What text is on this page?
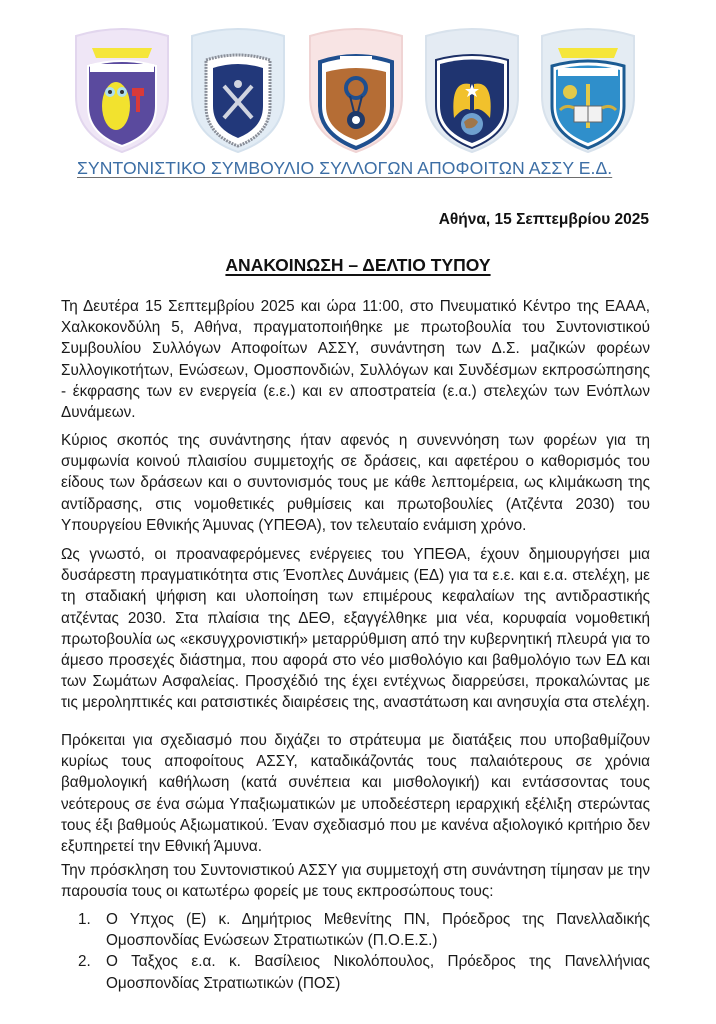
ΣΥΝΤΟΝΙΣΤΙΚΟ ΣΥΜΒΟΥΛΙΟ ΣΥΛΛΟΓΩΝ ΑΠΟΦΟΙΤΩΝ ΑΣΣΥ Ε.Δ.
Αθήνα, 15 Σεπτεμβρίου 2025
ΑΝΑΚΟΙΝΩΣΗ – ΔΕΛΤΙΟ ΤΥΠΟΥ

Τη Δευτέρα 15 Σεπτεμβρίου 2025 και ώρα 11:00, στο Πνευματικό Κέντρο της ΕΑΑΑ, Χαλκοκονδύλη 5, Αθήνα, πραγματοποιήθηκε με πρωτοβουλία του Συντονιστικού Συμβουλίου Συλλόγων Αποφοίτων ΑΣΣΥ, συνάντηση των Δ.Σ. μαζικών φορέων Συλλογικοτήτων, Ενώσεων, Ομοσπονδιών, Συλλόγων και Συνδέσμων εκπροσώπησης - έκφρασης των εν ενεργεία (ε.ε.) και εν αποστρατεία (ε.α.) στελεχών των Ενόπλων Δυνάμεων.

Κύριος σκοπός της συνάντησης ήταν αφενός η συνεννόηση των φορέων για τη συμφωνία κοινού πλαισίου συμμετοχής σε δράσεις, και αφετέρου ο καθορισμός του είδους των δράσεων και ο συντονισμός τους με κάθε λεπτομέρεια, ως κλιμάκωση της αντίδρασης, στις νομοθετικές ρυθμίσεις και πρωτοβουλίες (Ατζέντα 2030) του Υπουργείου Εθνικής Άμυνας (ΥΠΕΘΑ), τον τελευταίο ενάμιση χρόνο.

Ως γνωστό, οι προαναφερόμενες ενέργειες του ΥΠΕΘΑ, έχουν δημιουργήσει μια δυσάρεστη πραγματικότητα στις Ένοπλες Δυνάμεις (ΕΔ) για τα ε.ε. και ε.α. στελέχη, με τη σταδιακή ψήφιση και υλοποίηση των επιμέρους κεφαλαίων της αντιδραστικής ατζέντας 2030. Στα πλαίσια της ΔΕΘ, εξαγγέλθηκε μια νέα, κορυφαία νομοθετική πρωτοβουλία ως «εκσυγχρονιστική» μεταρρύθμιση από την κυβερνητική πλευρά για το άμεσο προσεχές διάστημα, που αφορά στο νέο μισθολόγιο και βαθμολόγιο των ΕΔ και των Σωμάτων Ασφαλείας. Προσχέδιό της έχει εντέχνως διαρρεύσει, προκαλώντας με τις μεροληπτικές και ρατσιστικές διαιρέσεις της, αναστάτωση και ανησυχία στα στελέχη.

Πρόκειται για σχεδιασμό που διχάζει το στράτευμα με διατάξεις που υποβαθμίζουν κυρίως τους αποφοίτους ΑΣΣΥ, καταδικάζοντάς τους παλαιότερους σε χρόνια βαθμολογική καθήλωση (κατά συνέπεια και μισθολογική) και εντάσσοντας τους νεότερους σε ένα σώμα Υπαξιωματικών με υποδεέστερη ιεραρχική εξέλιξη στερώντας τους έξι βαθμούς Αξιωματικού. Έναν σχεδιασμό που με κανένα αξιολογικό κριτήριο δεν εξυπηρετεί την Εθνική Άμυνα.

Την πρόσκληση του Συντονιστικού ΑΣΣΥ για συμμετοχή στη συνάντηση τίμησαν με την παρουσία τους οι κατωτέρω φορείς με τους εκπροσώπους τους:

1. Ο Υπχος (Ε) κ. Δημήτριος Μεθενίτης ΠΝ, Πρόεδρος της Πανελλαδικής Ομοσπονδίας Ενώσεων Στρατιωτικών (Π.Ο.Ε.Σ.)
2. Ο Ταξχος ε.α. κ. Βασίλειος Νικολόπουλος, Πρόεδρος της Πανελλήνιας Ομοσπονδίας Στρατιωτικών (ΠΟΣ)
